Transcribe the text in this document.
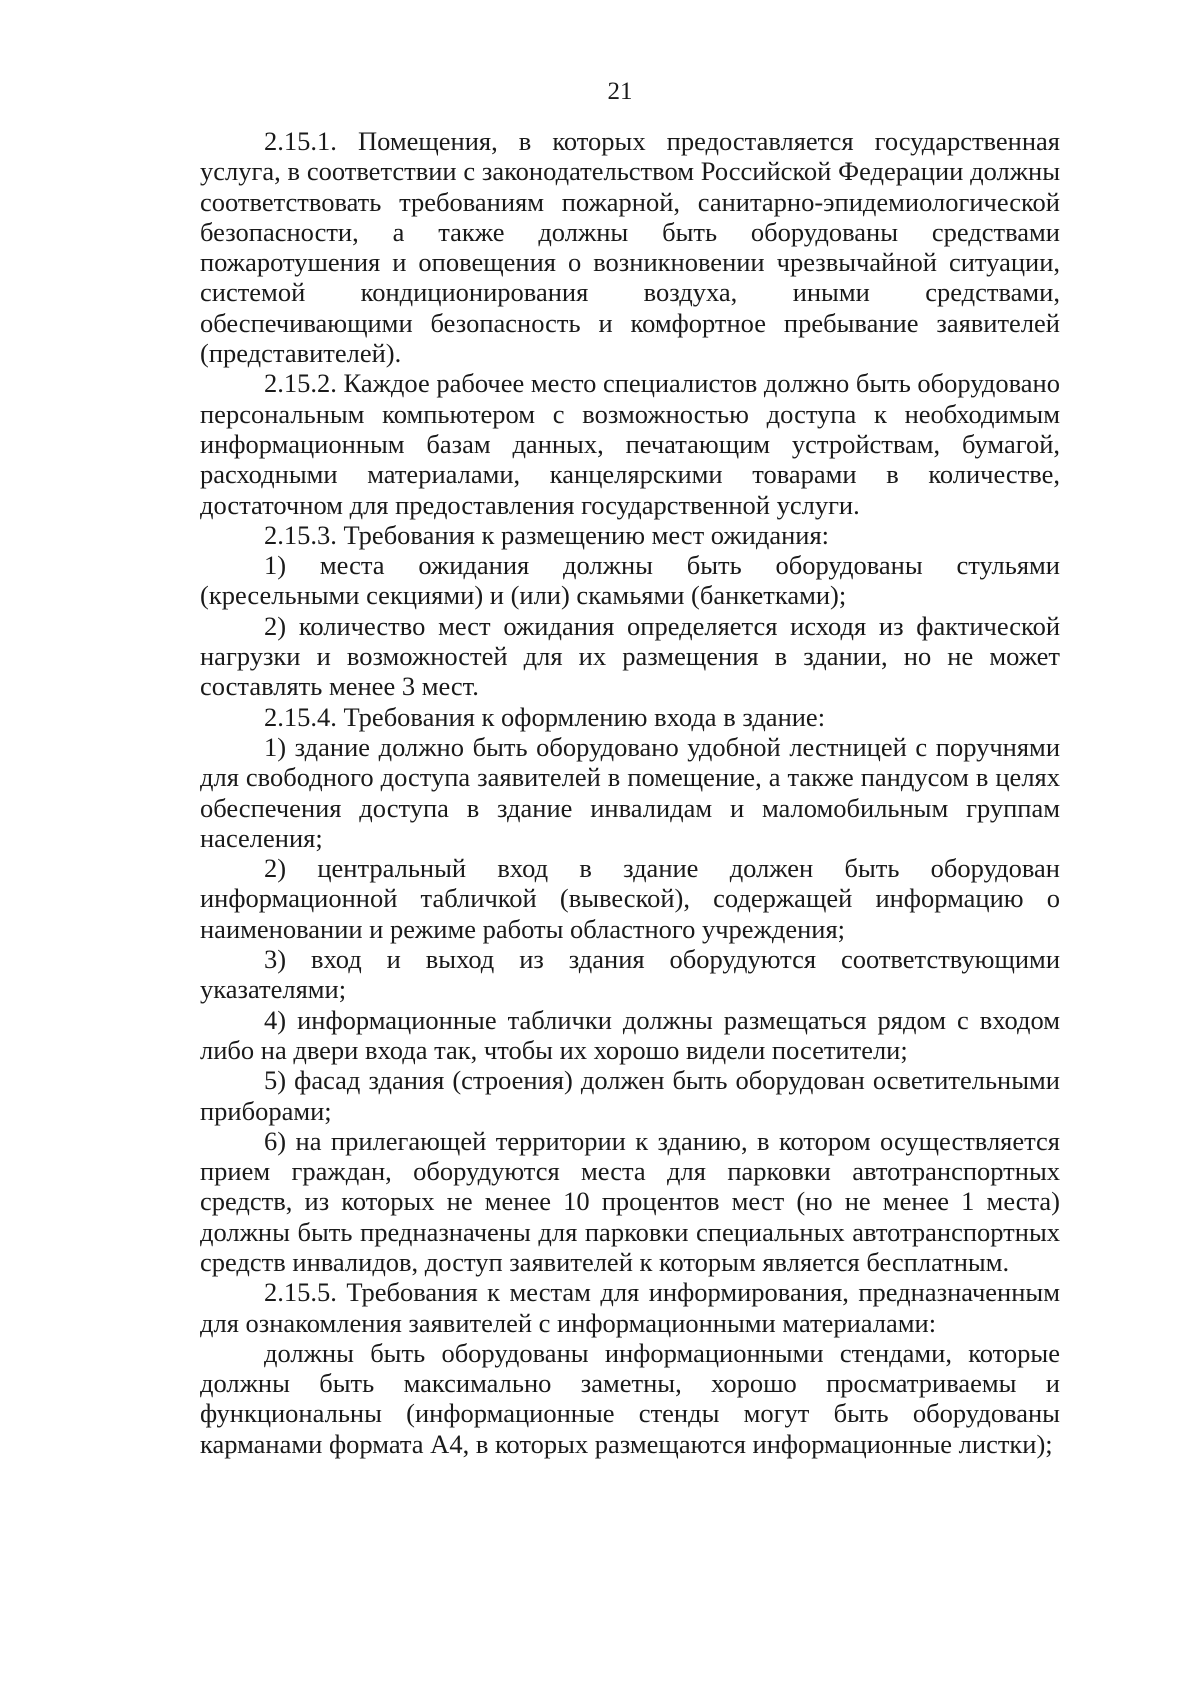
21

2.15.1. Помещения, в которых предоставляется государственная услуга, в соответствии с законодательством Российской Федерации должны соответствовать требованиям пожарной, санитарно-эпидемиологической безопасности, а также должны быть оборудованы средствами пожаротушения и оповещения о возникновении чрезвычайной ситуации, системой кондиционирования воздуха, иными средствами, обеспечивающими безопасность и комфортное пребывание заявителей (представителей).

2.15.2. Каждое рабочее место специалистов должно быть оборудовано персональным компьютером с возможностью доступа к необходимым информационным базам данных, печатающим устройствам, бумагой, расходными материалами, канцелярскими товарами в количестве, достаточном для предоставления государственной услуги.

2.15.3. Требования к размещению мест ожидания:

1) места ожидания должны быть оборудованы стульями (кресельными секциями) и (или) скамьями (банкетками);

2) количество мест ожидания определяется исходя из фактической нагрузки и возможностей для их размещения в здании, но не может составлять менее 3 мест.

2.15.4. Требования к оформлению входа в здание:

1) здание должно быть оборудовано удобной лестницей с поручнями для свободного доступа заявителей в помещение, а также пандусом в целях обеспечения доступа в здание инвалидам и маломобильным группам населения;

2) центральный вход в здание должен быть оборудован информационной табличкой (вывеской), содержащей информацию о наименовании и режиме работы областного учреждения;

3) вход и выход из здания оборудуются соответствующими указателями;

4) информационные таблички должны размещаться рядом с входом либо на двери входа так, чтобы их хорошо видели посетители;

5) фасад здания (строения) должен быть оборудован осветительными приборами;

6) на прилегающей территории к зданию, в котором осуществляется прием граждан, оборудуются места для парковки автотранспортных средств, из которых не менее 10 процентов мест (но не менее 1 места) должны быть предназначены для парковки специальных автотранспортных средств инвалидов, доступ заявителей к которым является бесплатным.

2.15.5. Требования к местам для информирования, предназначенным для ознакомления заявителей с информационными материалами:

должны быть оборудованы информационными стендами, которые должны быть максимально заметны, хорошо просматриваемы и функциональны (информационные стенды могут быть оборудованы карманами формата А4, в которых размещаются информационные листки);
